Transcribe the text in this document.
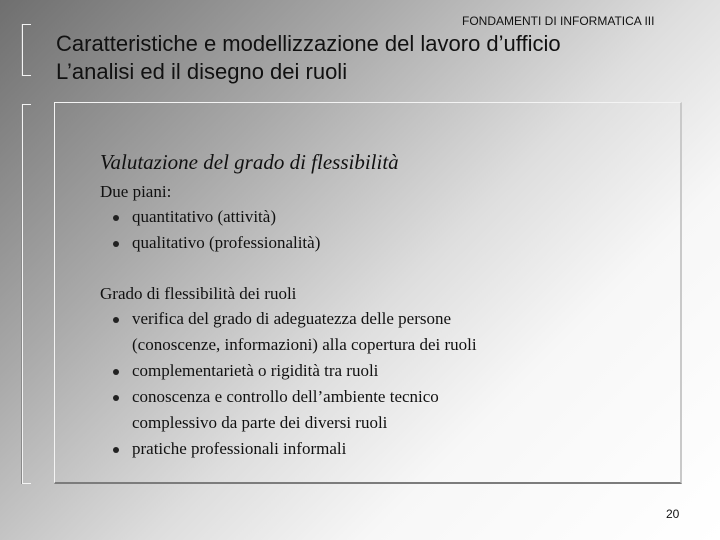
FONDAMENTI DI INFORMATICA III
Caratteristiche e modellizzazione del lavoro d’ufficio
L’analisi ed il disegno dei ruoli
Valutazione del grado di flessibilità

Due piani:

quantitativo (attività)
qualitativo (professionalità)

Grado di flessibilità dei ruoli

verifica del grado di adeguatezza delle persone
(conoscenze, informazioni) alla copertura dei ruoli
complementarietà o rigidità tra ruoli
conoscenza e controllo dell’ambiente tecnico
complessivo da parte dei diversi ruoli
pratiche professionali informali
20
